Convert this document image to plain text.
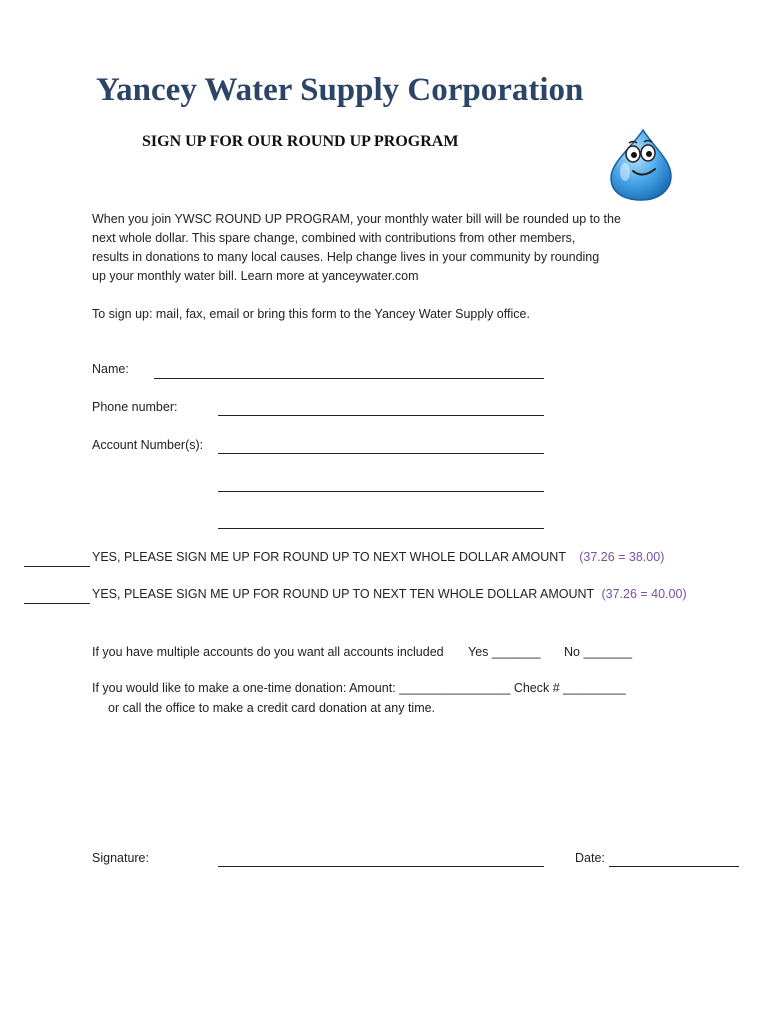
Yancey Water Supply Corporation
SIGN UP FOR OUR ROUND UP PROGRAM
When you join YWSC ROUND UP PROGRAM, your monthly water bill will be rounded up to the
next whole dollar. This spare change, combined with contributions from other members,
results in donations to many local causes. Help change lives in your community by rounding
up your monthly water bill. Learn more at yanceywater.com
To sign up: mail, fax, email or bring this form to the Yancey Water Supply office.
Name:
Phone number:
Account Number(s):
YES, PLEASE SIGN ME UP FOR ROUND UP TO NEXT WHOLE DOLLAR AMOUNT (37.26 = 38.00)
YES, PLEASE SIGN ME UP FOR ROUND UP TO NEXT TEN WHOLE DOLLAR AMOUNT (37.26 = 40.00)
If you have multiple accounts do you want all accounts included Yes _______ No _______
If you would like to make a one-time donation: Amount: ________________ Check # _________
or call the office to make a credit card donation at any time.
Signature:	Date:
